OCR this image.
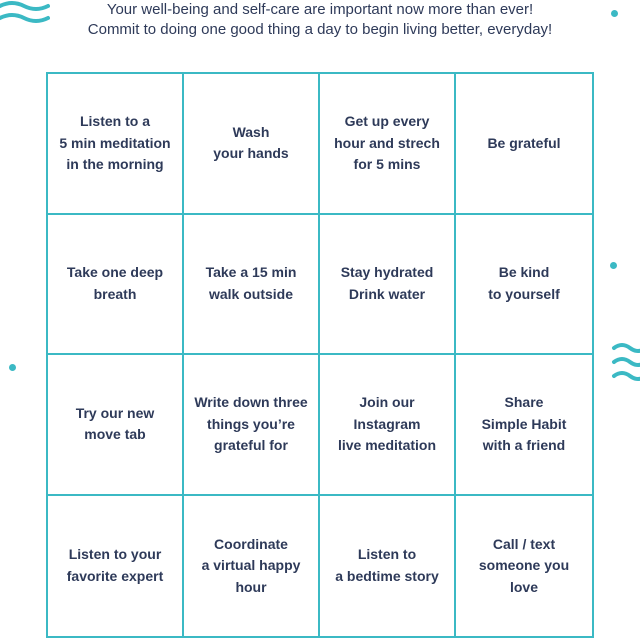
Your well-being and self-care are important now more than ever!

Commit to doing one good thing a day to begin living better, everyday!

Listen to a
5 min meditation
in the morning
Wash
your hands
Get up every
hour and strech
for 5 mins
Be grateful
Take one deep
breath
Take a 15 min
walk outside
Stay hydrated
Drink water
Be kind
to yourself
Try our new
move tab
Write down three
things you’re
grateful for
Join our
Instagram
live meditation
Share
Simple Habit
with a friend
Listen to your
favorite expert
Coordinate
a virtual happy
hour
Listen to
a bedtime story
Call / text
someone you
love
